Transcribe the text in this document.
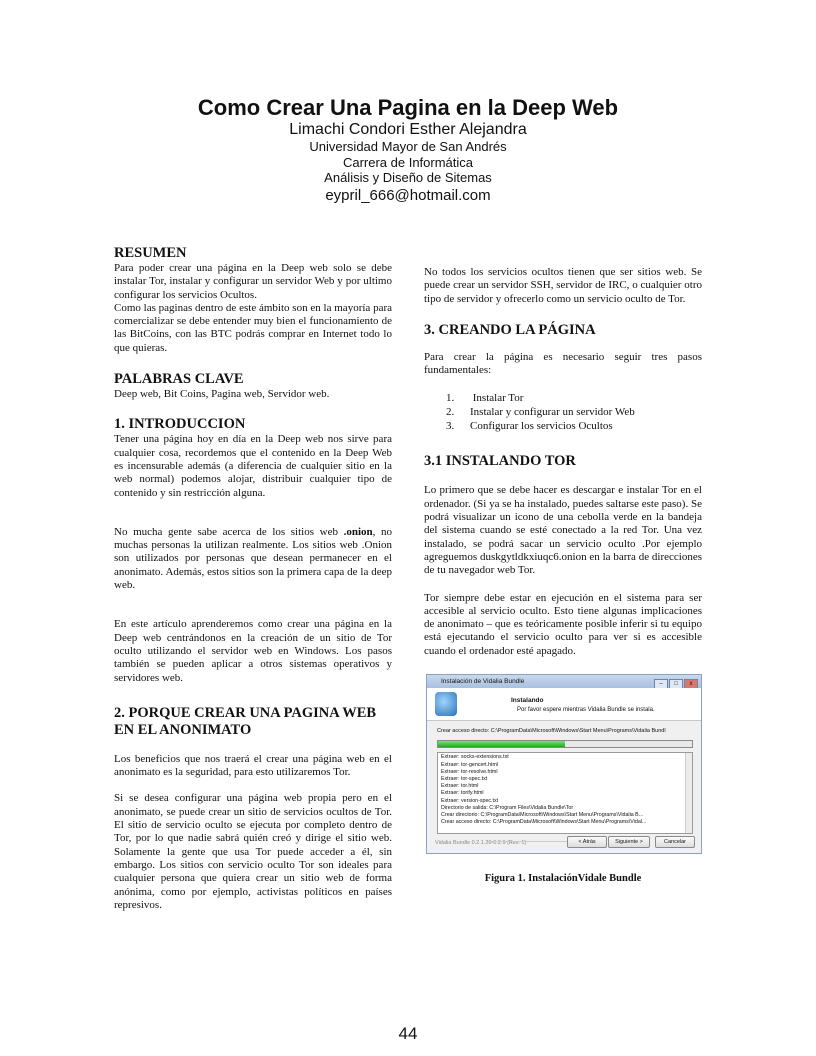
Como Crear Una Pagina en la Deep Web
Limachi Condori Esther Alejandra
Universidad Mayor de San Andrés
Carrera de Informática
Análisis y Diseño de Sitemas
eypril_666@hotmail.com
RESUMEN

Para poder crear una página en la Deep web solo se debe instalar Tor, instalar y configurar un servidor Web y por ultimo configurar los servicios Ocultos.

Como las paginas dentro de este ámbito son en la mayoría para comercializar se debe entender muy bien el funcionamiento de las BitCoins, con las BTC podrás comprar en Internet todo lo que quieras.

PALABRAS CLAVE

Deep web, Bit Coins, Pagina web, Servidor web.

1. INTRODUCCION

Tener una página hoy en día en la Deep web nos sirve para cualquier cosa, recordemos que el contenido en la Deep Web es incensurable además (a diferencia de cualquier sitio en la web normal) podemos alojar, distribuir cualquier tipo de contenido y sin restricción alguna.

No mucha gente sabe acerca de los sitios web .onion, no muchas personas la utilizan realmente. Los sitios web .Onion son utilizados por personas que desean permanecer en el anonimato. Además, estos sitios son la primera capa de la deep web.

En este artículo aprenderemos como crear una página en la Deep web centrándonos en la creación de un sitio de Tor oculto utilizando el servidor web en Windows. Los pasos también se pueden aplicar a otros sistemas operativos y servidores web.

2. PORQUE CREAR UNA PAGINA WEB EN EL ANONIMATO

Los beneficios que nos traerá el crear una página web en el anonimato es la seguridad, para esto utilizaremos Tor.

Si se desea configurar una página web propia pero en el anonimato, se puede crear un sitio de servicios ocultos de Tor. El sitio de servicio oculto se ejecuta por completo dentro de Tor, por lo que nadie sabrá quién creó y dirige el sitio web. Solamente la gente que usa Tor puede acceder a él, sin embargo. Los sitios con servicio oculto Tor son ideales para cualquier persona que quiera crear un sitio web de forma anónima, como por ejemplo, activistas políticos en países represivos.

No todos los servicios ocultos tienen que ser sitios web. Se puede crear un servidor SSH, servidor de IRC, o cualquier otro tipo de servidor y ofrecerlo como un servicio oculto de Tor.

3. CREANDO LA PÁGINA

Para crear la página es necesario seguir tres pasos fundamentales:

1. Instalar Tor
2. Instalar y configurar un servidor Web
3. Configurar los servicios Ocultos
3.1 INSTALANDO TOR

Lo primero que se debe hacer es descargar e instalar Tor en el ordenador. (Si ya se ha instalado, puedes saltarse este paso). Se podrá visualizar un icono de una cebolla verde en la bandeja del sistema cuando se esté conectado a la red Tor. Una vez instalado, se podrá sacar un servicio oculto .Por ejemplo agreguemos duskgytldkxiuqc6.onion en la barra de direcciones de tu navegador web Tor.

Tor siempre debe estar en ejecución en el sistema para ser accesible al servicio oculto. Esto tiene algunas implicaciones de anonimato – que es teóricamente posible inferir si tu equipo está ejecutando el servicio oculto para ver si es accesible cuando el ordenador esté apagado.

Instalación de Vidalia Bundle	– □ x
Instalando
Por favor espere mientras Vidalia Bundle se instala.
Crear acceso directo: C:\ProgramData\Microsoft\Windows\Start Menu\Programs\Vidalia Bundl
Extraer: socks-extensions.txt
Extraer: tor-gencert.html
Extraer: tor-resolve.html
Extraer: tor-spec.txt
Extraer: tor.html
Extraer: torify.html
Extraer: version-spec.txt
Directorio de salida: C:\Program Files\Vidalia Bundle\Tor
Crear directorio: C:\ProgramData\Microsoft\Windows\Start Menu\Programs\Vidalia B...
Crear acceso directo: C:\ProgramData\Microsoft\Windows\Start Menu\Programs\Vidal...
Vidalia Bundle 0.2.1.26-0.2.9 (Rev. 1)	< Atrás	Siguiente >	Cancelar
Figura 1. InstalaciónVidale Bundle
44
